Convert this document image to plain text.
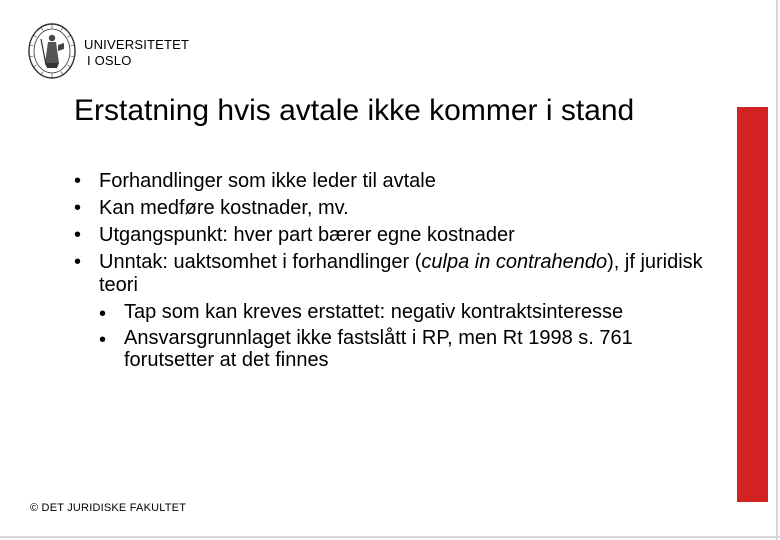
UNIVERSITETET
I OSLO
Erstatning hvis avtale ikke kommer i stand
• Forhandlinger som ikke leder til avtale
• Kan medføre kostnader, mv.
• Utgangspunkt: hver part bærer egne kostnader
• Unntak: uaktsomhet i forhandlinger (culpa in contrahendo), jf juridisk teori
• Tap som kan kreves erstattet: negativ kontraktsinteresse
• Ansvarsgrunnlaget ikke fastslått i RP, men Rt 1998 s. 761 forutsetter at det finnes
© DET JURIDISKE FAKULTET
